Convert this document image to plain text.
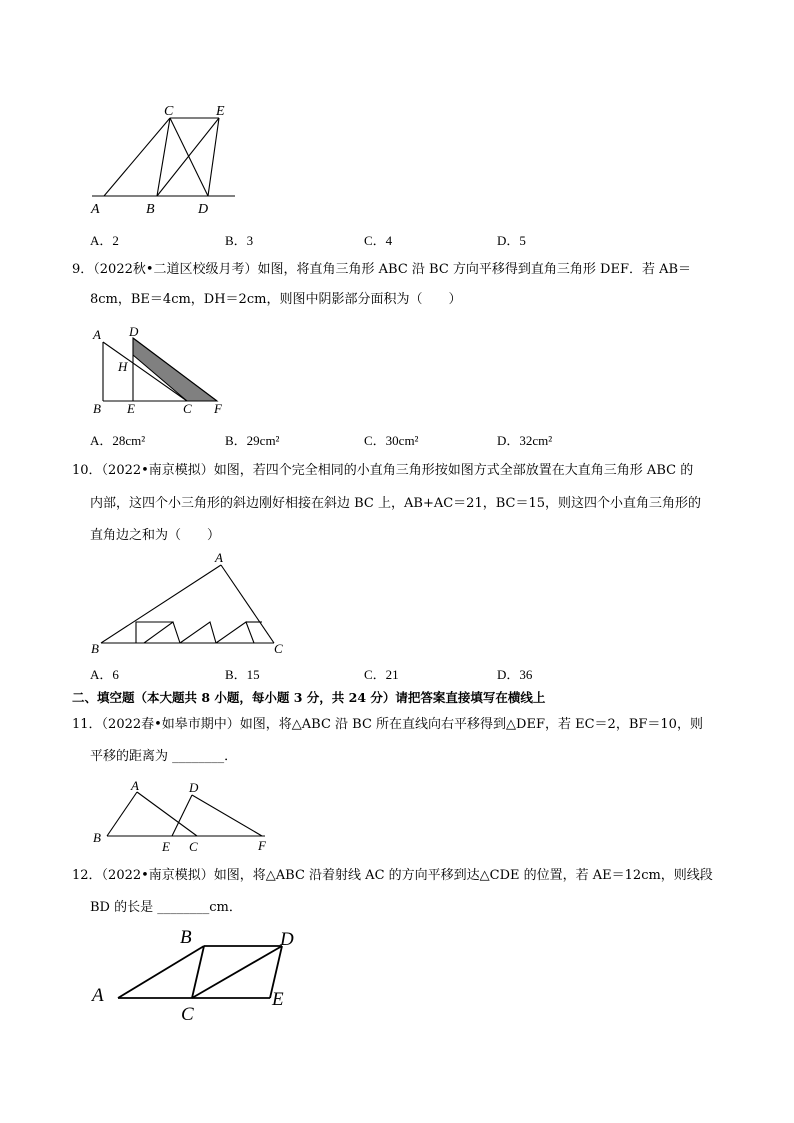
C	E
A	B	D
A．2	B．3	C．4	D．5
9．（2022秋•二道区校级月考）如图，将直角三角形 ABC 沿 BC 方向平移得到直角三角形 DEF．若 AB＝
8cm，BE＝4cm，DH＝2cm，则图中阴影部分面积为（　　）
A D
H
B E	C F
A．28cm²	B．29cm²	C．30cm²	D．32cm²
10．（2022•南京模拟）如图，若四个完全相同的小直角三角形按如图方式全部放置在大直角三角形 ABC 的
内部，这四个小三角形的斜边刚好相接在斜边 BC 上，AB+AC＝21，BC＝15，则这四个小直角三角形的
直角边之和为（　　）
A
B	C
A．6	B．15	C．21	D．36
二、填空题（本大题共 8 小题，每小题 3 分，共 24 分）请把答案直接填写在横线上
11．（2022春•如皋市期中）如图，将△ABC 沿 BC 所在直线向右平移得到△DEF，若 EC＝2，BF＝10，则
平移的距离为 ________．
A	D
B
E C	F
12．（2022•南京模拟）如图，将△ABC 沿着射线 AC 的方向平移到达△CDE 的位置，若 AE＝12cm，则线段
BD 的长是 ________cm．
B	D
A
C
E
